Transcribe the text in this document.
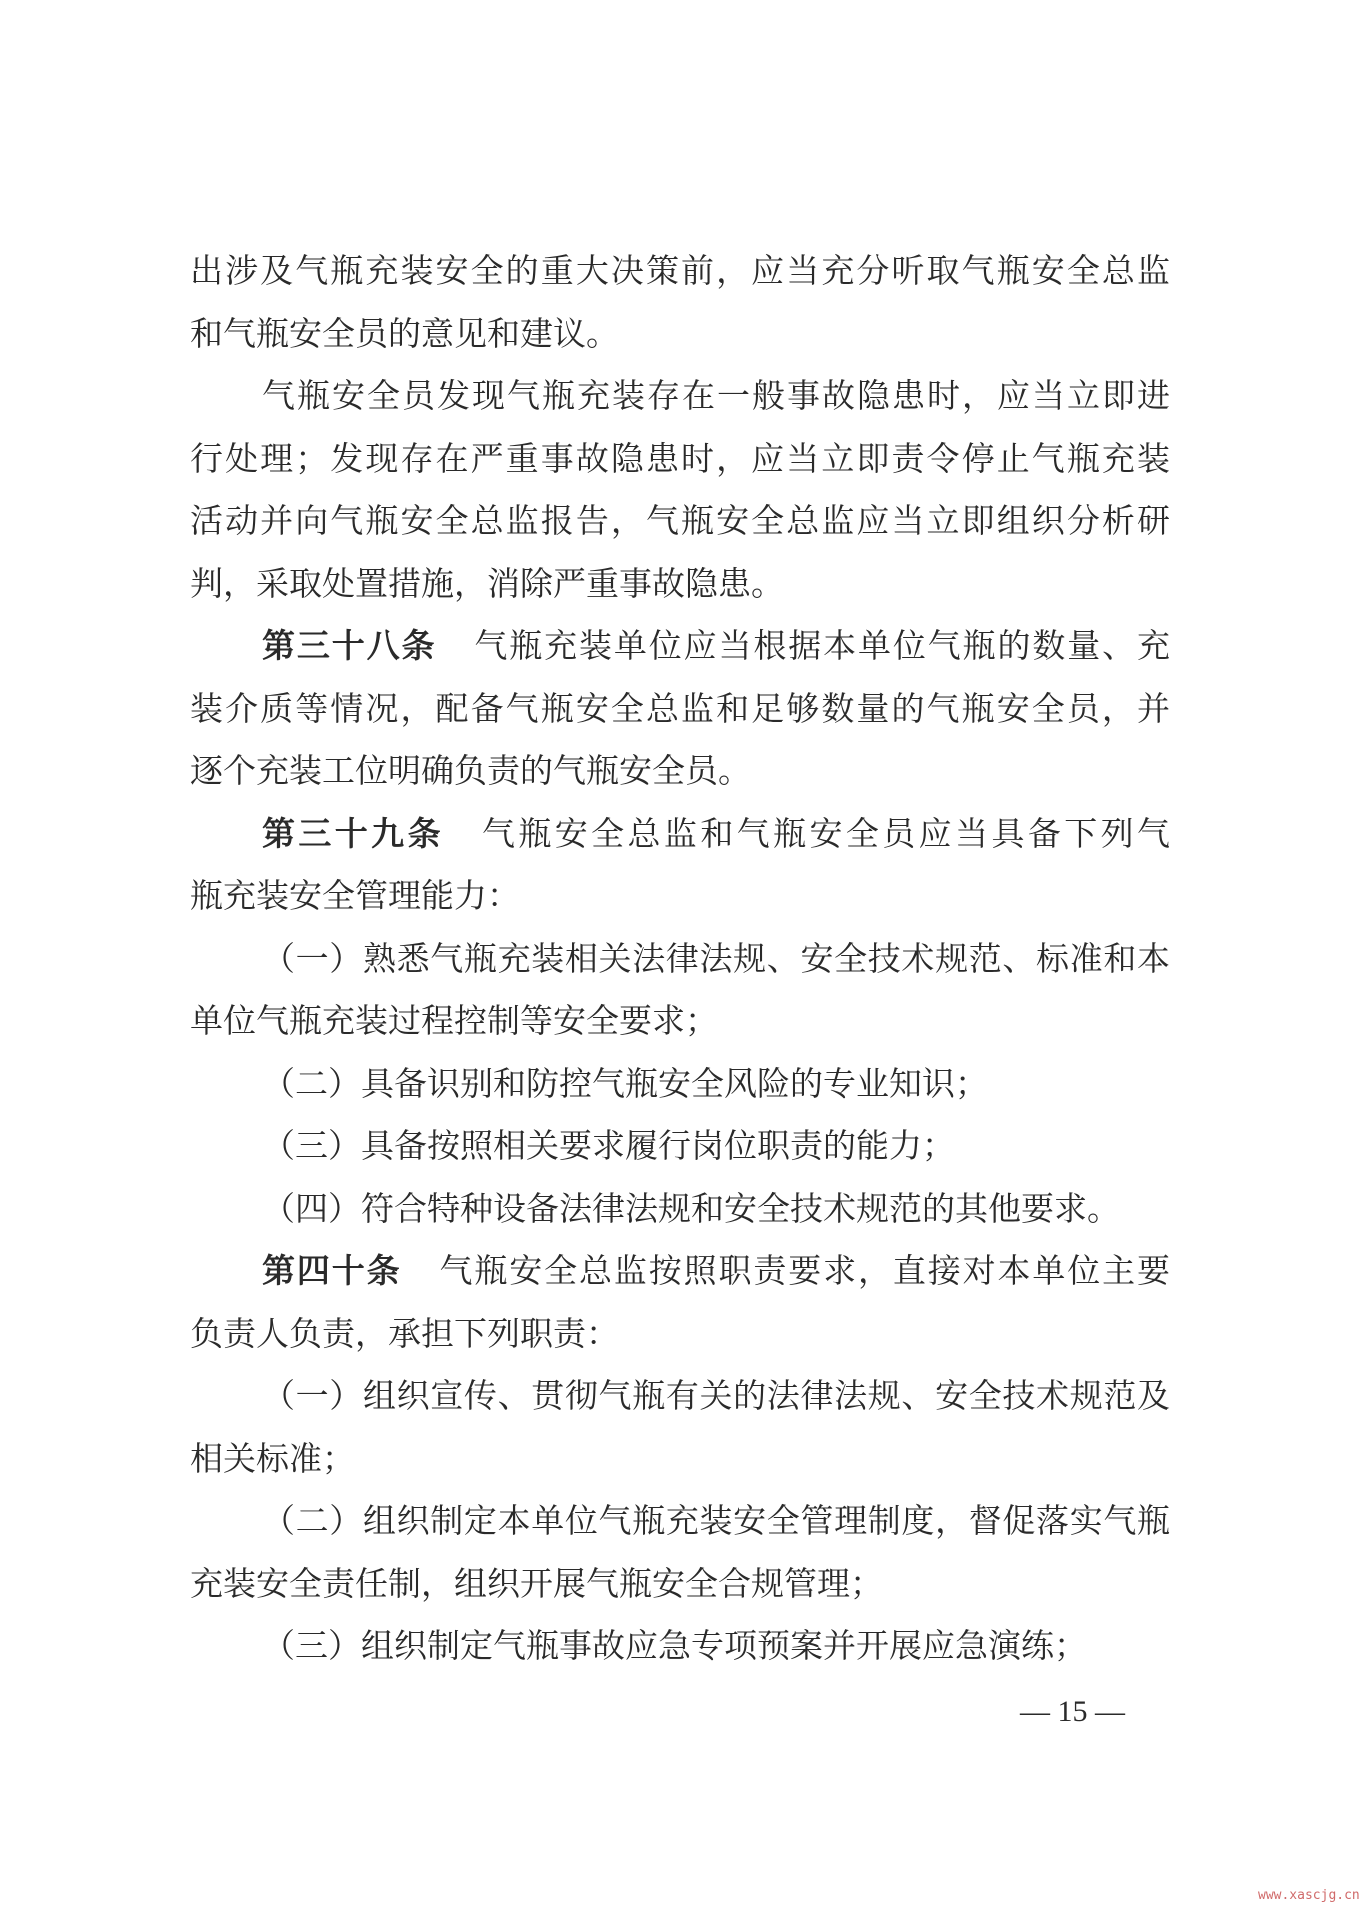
出涉及气瓶充装安全的重大决策前，应当充分听取气瓶安全总监
和气瓶安全员的意见和建议。
气瓶安全员发现气瓶充装存在一般事故隐患时，应当立即进
行处理；发现存在严重事故隐患时，应当立即责令停止气瓶充装
活动并向气瓶安全总监报告，气瓶安全总监应当立即组织分析研
判，采取处置措施，消除严重事故隐患。
第三十八条 气瓶充装单位应当根据本单位气瓶的数量、充
装介质等情况，配备气瓶安全总监和足够数量的气瓶安全员，并
逐个充装工位明确负责的气瓶安全员。
第三十九条 气瓶安全总监和气瓶安全员应当具备下列气
瓶充装安全管理能力：
（一）熟悉气瓶充装相关法律法规、安全技术规范、标准和本
单位气瓶充装过程控制等安全要求；
（二）具备识别和防控气瓶安全风险的专业知识；
（三）具备按照相关要求履行岗位职责的能力；
（四）符合特种设备法律法规和安全技术规范的其他要求。
第四十条 气瓶安全总监按照职责要求，直接对本单位主要
负责人负责，承担下列职责：
（一）组织宣传、贯彻气瓶有关的法律法规、安全技术规范及
相关标准；
（二）组织制定本单位气瓶充装安全管理制度，督促落实气瓶
充装安全责任制，组织开展气瓶安全合规管理；
（三）组织制定气瓶事故应急专项预案并开展应急演练；
— 15 —
www.xascjg.cn
